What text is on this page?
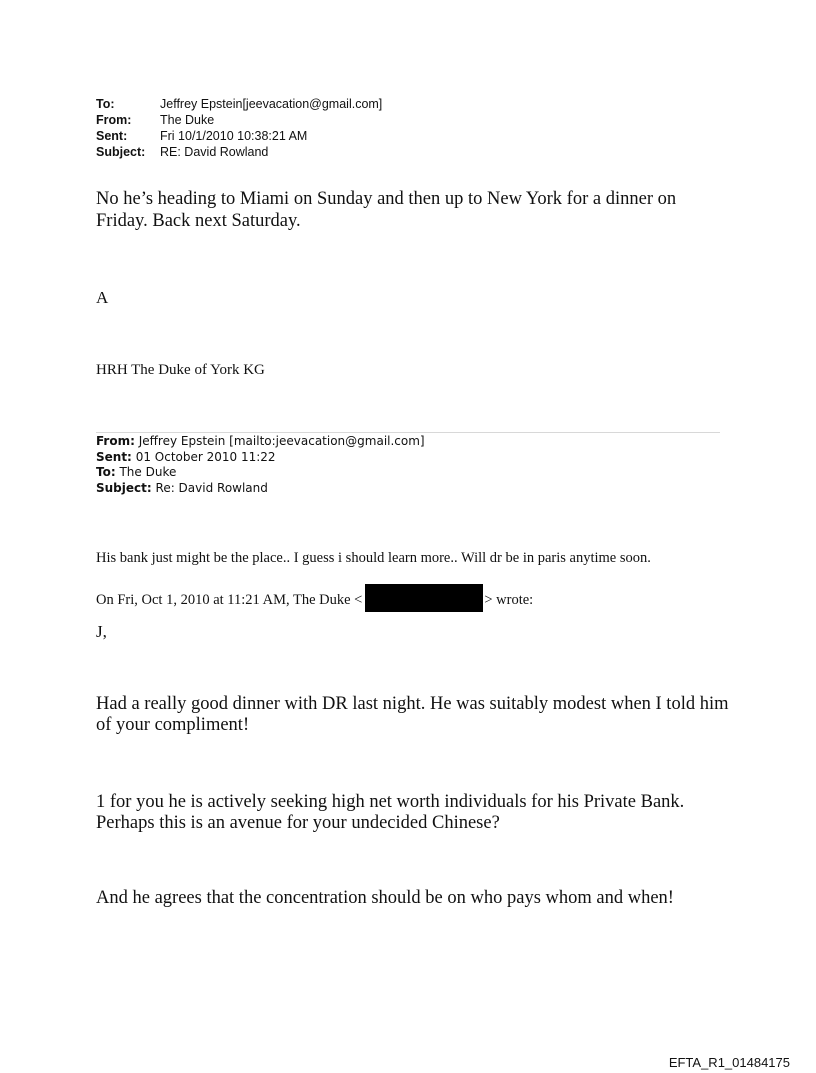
To:	Jeffrey Epstein[jeevacation@gmail.com]
From:	The Duke
Sent:	Fri 10/1/2010 10:38:21 AM
Subject:	RE: David Rowland
No he’s heading to Miami on Sunday and then up to New York for a dinner on Friday. Back next Saturday.
A
HRH The Duke of York KG
From: Jeffrey Epstein [mailto:jeevacation@gmail.com]
Sent: 01 October 2010 11:22
To: The Duke
Subject: Re: David Rowland
His bank just might be the place.. I guess i should learn more.. Will dr be in paris anytime soon.
On Fri, Oct 1, 2010 at 11:21 AM, The Duke <	> wrote:
J,
Had a really good dinner with DR last night. He was suitably modest when I told him of your compliment!
1 for you he is actively seeking high net worth individuals for his Private Bank. Perhaps this is an avenue for your undecided Chinese?
And he agrees that the concentration should be on who pays whom and when!
EFTA_R1_01484175
